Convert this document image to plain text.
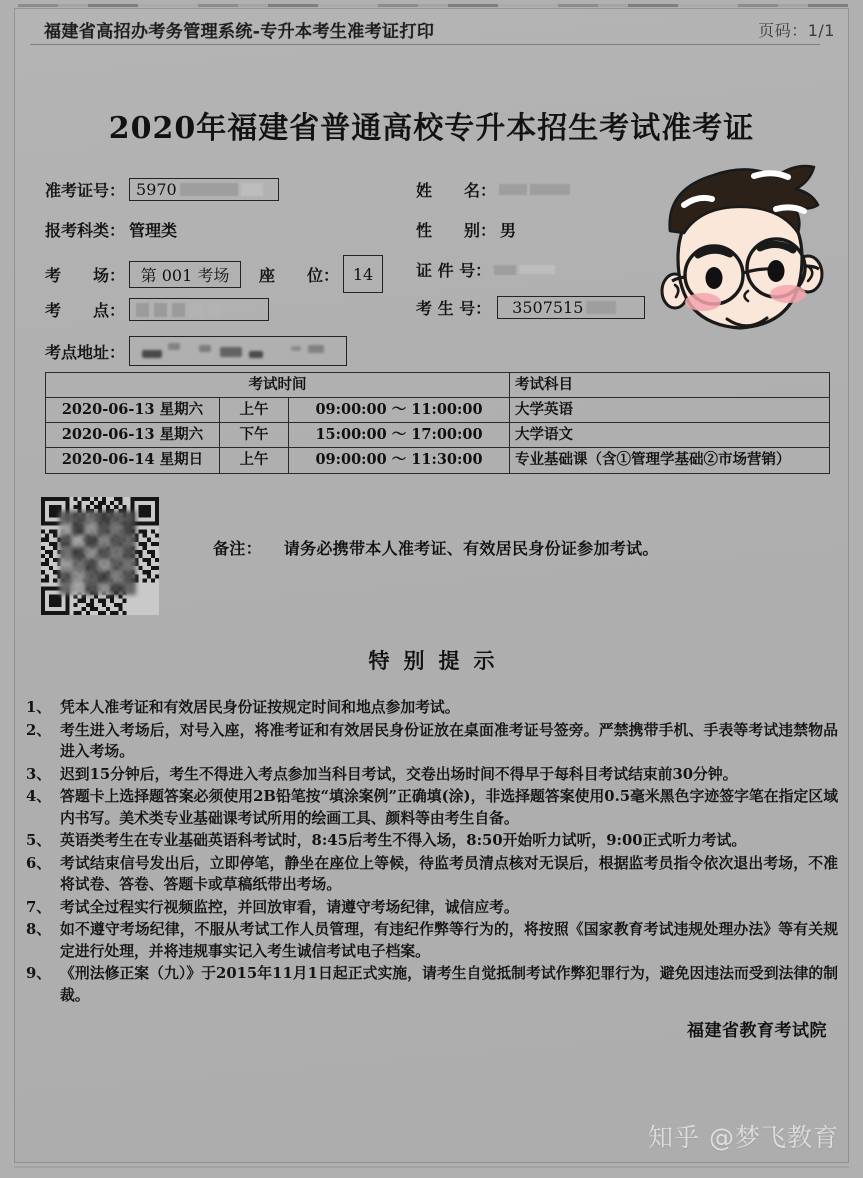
福建省高招办考务管理系统-专升本考生准考证打印	页码：1/1
2020年福建省普通高校专升本招生考试准考证
准考证号： 5970	姓　　名：
报考科类： 管理类	性　　别： 男
考　　场： 第 001 考场 座　　位： 14	证 件 号：
考　　点：	考 生 号： 3507515
考点地址：
考试时间			考试科目
2020-06-13 星期六	上午	09:00:00 ～ 11:00:00	大学英语
2020-06-13 星期六	下午	15:00:00 ～ 17:00:00	大学语文
2020-06-14 星期日	上午	09:00:00 ～ 11:30:00	专业基础课（含①管理学基础②市场营销）
备注： 请务必携带本人准考证、有效居民身份证参加考试。
特别提示
1、 凭本人准考证和有效居民身份证按规定时间和地点参加考试。
2、 考生进入考场后，对号入座，将准考证和有效居民身份证放在桌面准考证号签旁。严禁携带手机、手表等考试违禁物品进入考场。
3、 迟到15分钟后，考生不得进入考点参加当科目考试，交卷出场时间不得早于每科目考试结束前30分钟。
4、 答题卡上选择题答案必须使用2B铅笔按“填涂案例”正确填(涂)，非选择题答案使用0.5毫米黑色字迹签字笔在指定区域内书写。美术类专业基础课考试所用的绘画工具、颜料等由考生自备。
5、 英语类考生在专业基础英语科考试时，8:45后考生不得入场，8:50开始听力试听，9:00正式听力考试。
6、 考试结束信号发出后，立即停笔，静坐在座位上等候，待监考员清点核对无误后，根据监考员指令依次退出考场，不准将试卷、答卷、答题卡或草稿纸带出考场。
7、 考试全过程实行视频监控，并回放审看，请遵守考场纪律，诚信应考。
8、 如不遵守考场纪律，不服从考试工作人员管理，有违纪作弊等行为的，将按照《国家教育考试违规处理办法》等有关规定进行处理，并将违规事实记入考生诚信考试电子档案。
9、 《刑法修正案（九）》于2015年11月1日起正式实施，请考生自觉抵制考试作弊犯罪行为，避免因违法而受到法律的制裁。
福建省教育考试院
知乎 @梦飞教育
